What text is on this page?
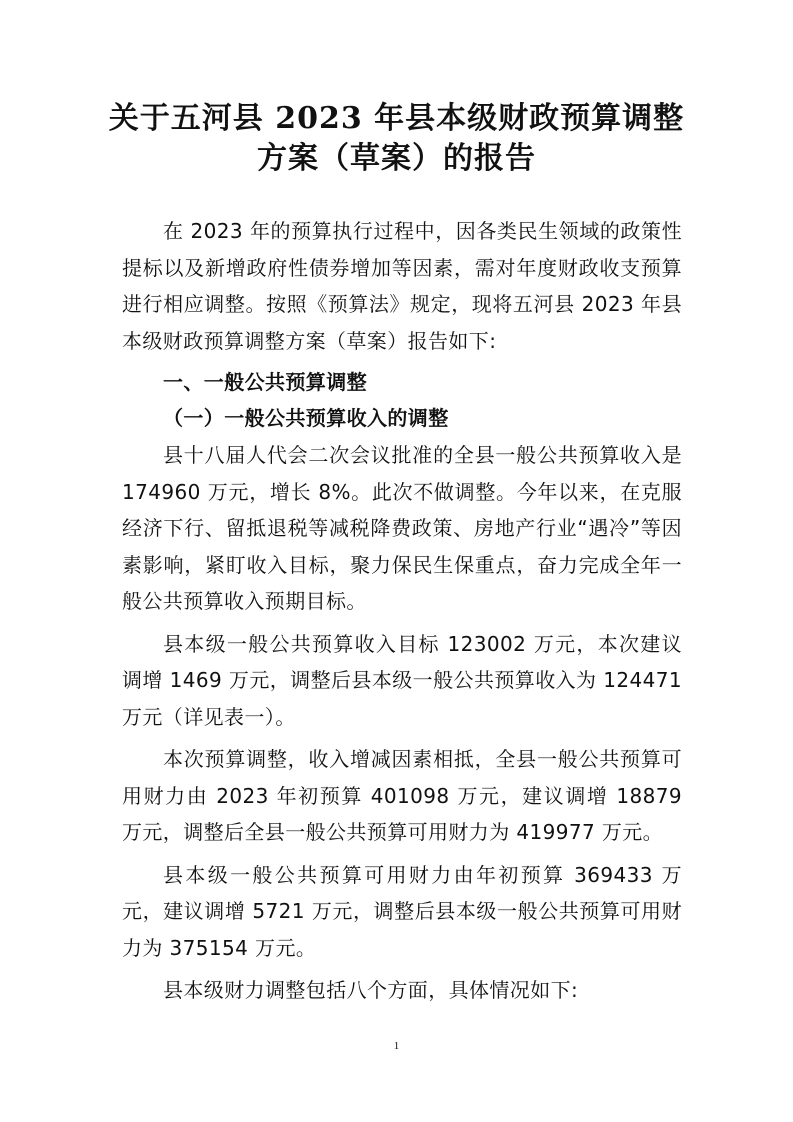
关于五河县 2023 年县本级财政预算调整
方案（草案）的报告

在 2023 年的预算执行过程中，因各类民生领域的政策性提标以及新增政府性债券增加等因素，需对年度财政收支预算进行相应调整。按照《预算法》规定，现将五河县 2023 年县本级财政预算调整方案（草案）报告如下:

一、一般公共预算调整
（一）一般公共预算收入的调整

县十八届人代会二次会议批准的全县一般公共预算收入是 174960 万元，增长 8%。此次不做调整。今年以来，在克服经济下行、留抵退税等减税降费政策、房地产行业“遇冷”等因素影响，紧盯收入目标，聚力保民生保重点，奋力完成全年一般公共预算收入预期目标。

县本级一般公共预算收入目标 123002 万元，本次建议调增 1469 万元，调整后县本级一般公共预算收入为 124471 万元（详见表一）。

本次预算调整，收入增减因素相抵，全县一般公共预算可用财力由 2023 年初预算 401098 万元，建议调增 18879 万元，调整后全县一般公共预算可用财力为 419977 万元。

县本级一般公共预算可用财力由年初预算 369433 万元，建议调增 5721 万元，调整后县本级一般公共预算可用财力为 375154 万元。

县本级财力调整包括八个方面，具体情况如下:

1
